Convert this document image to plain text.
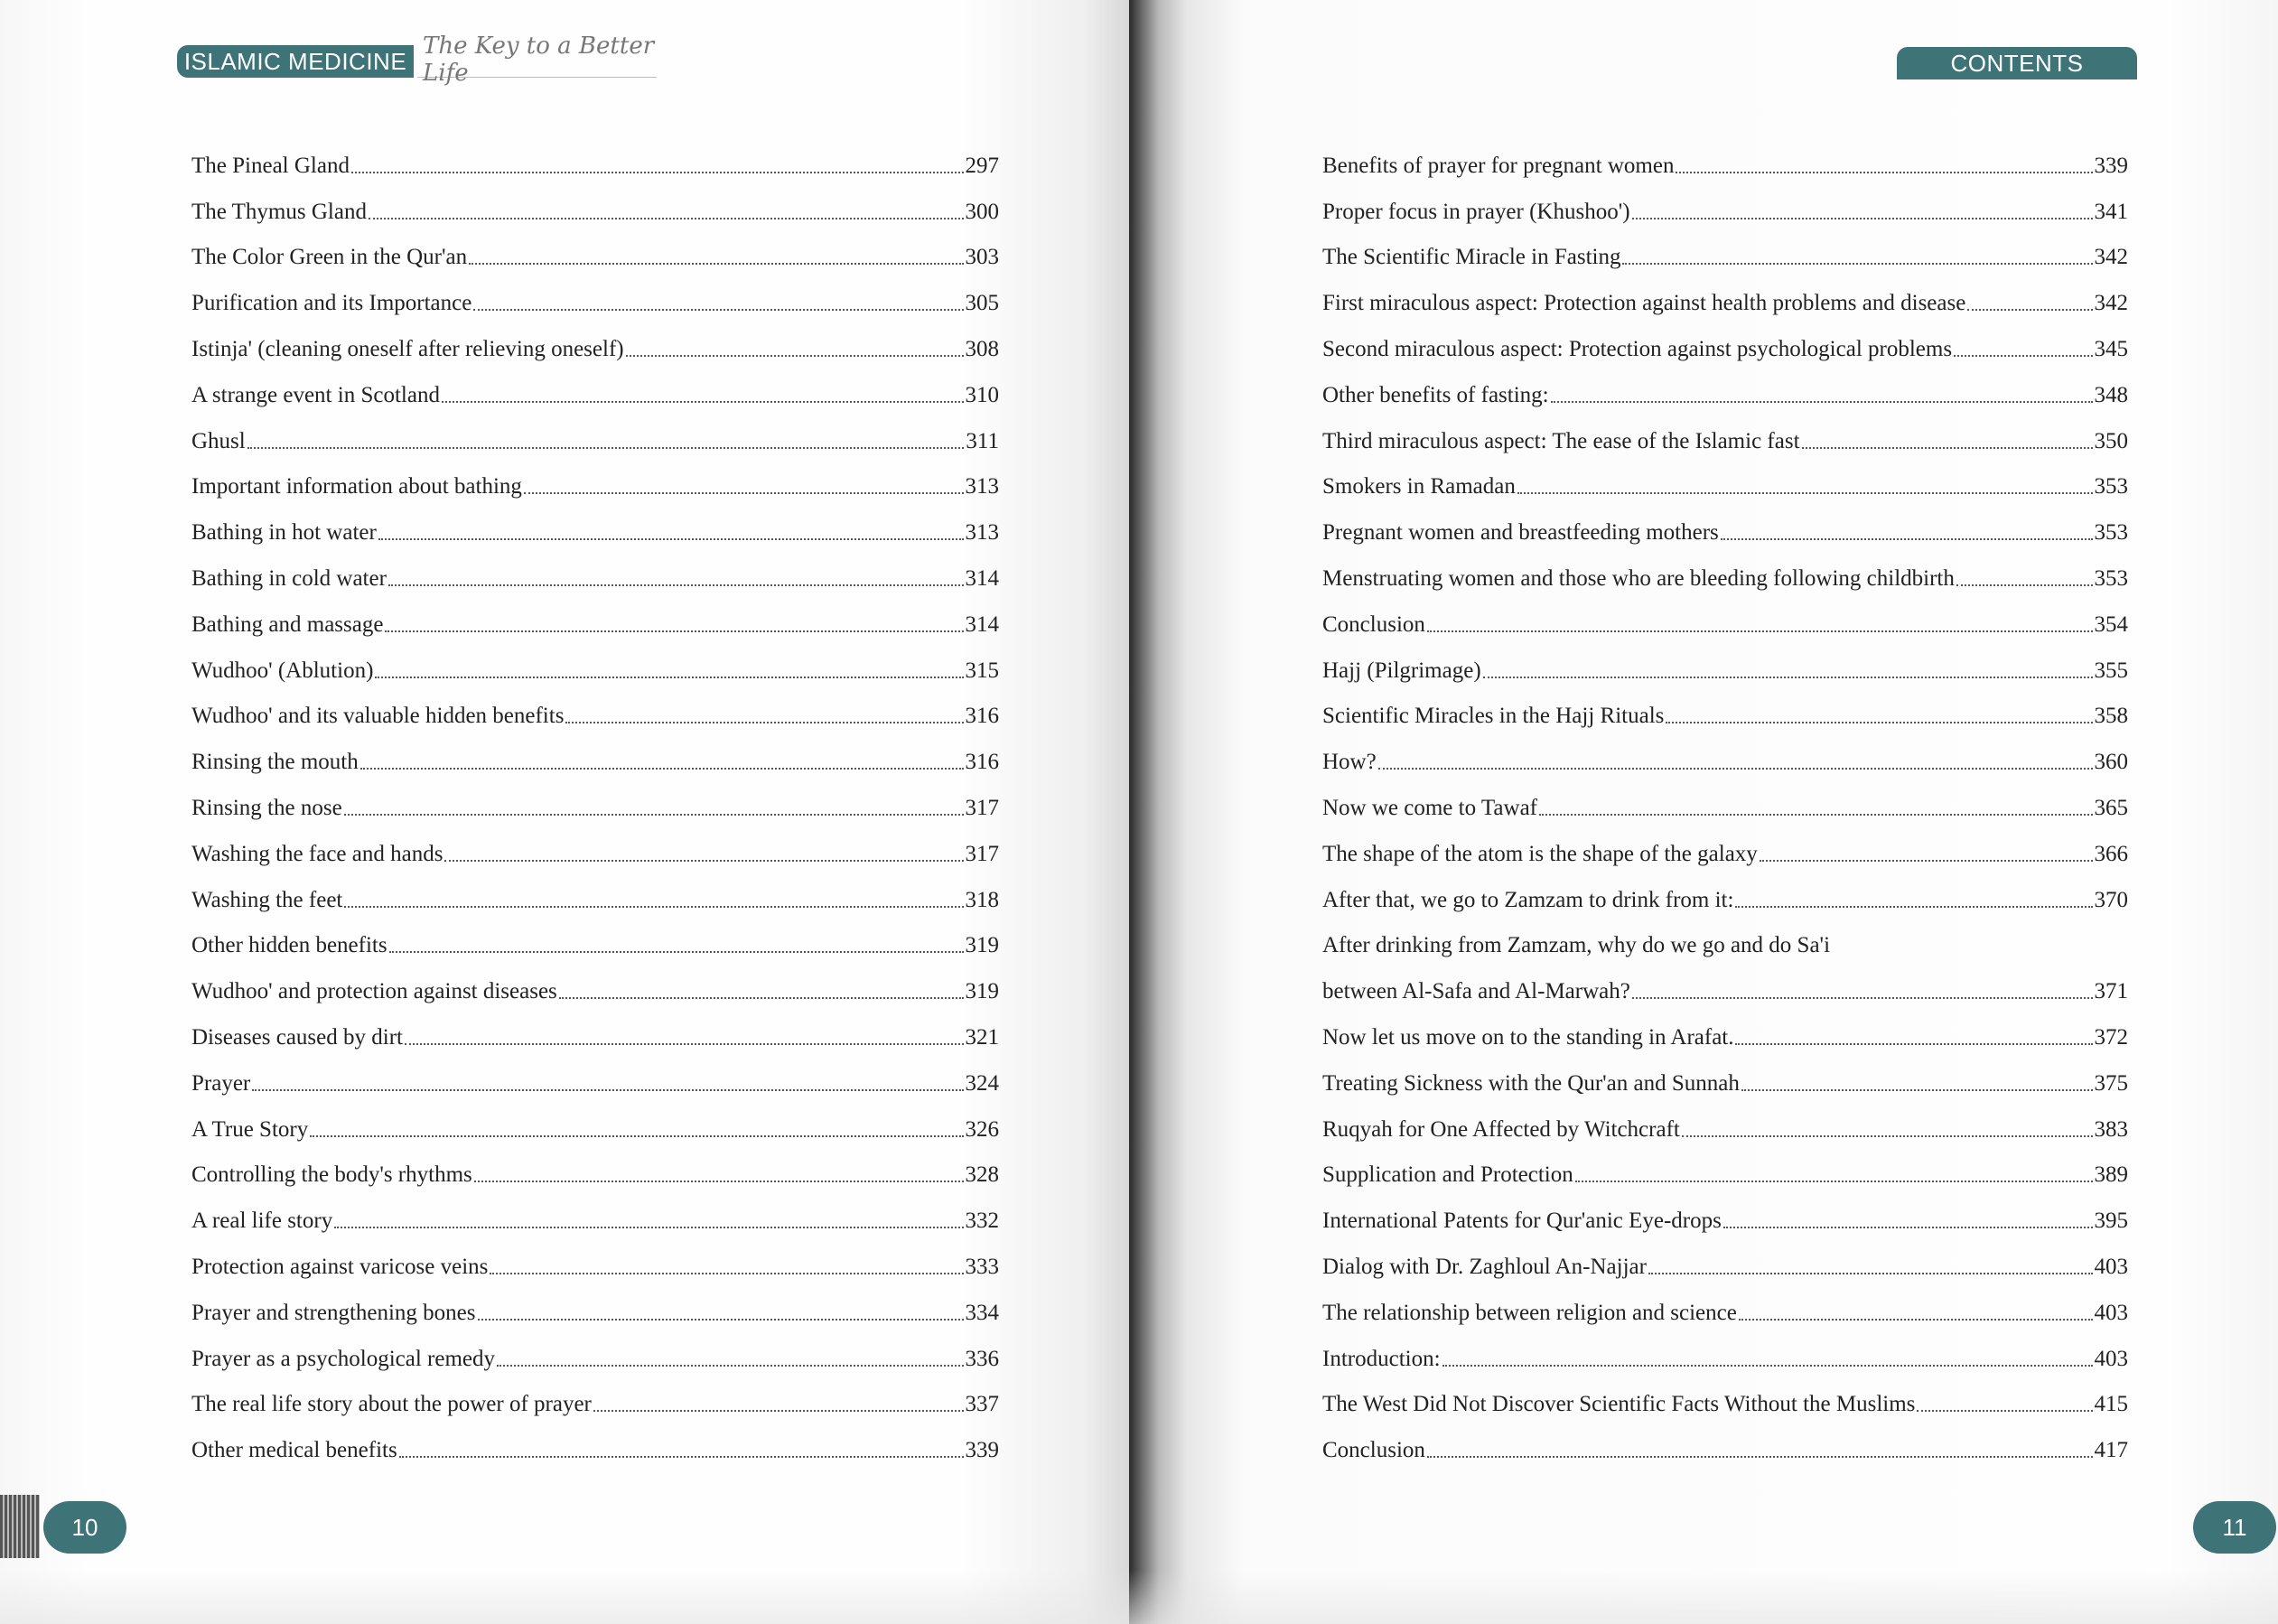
ISLAMIC MEDICINE
The Key to a Better Life
The Pineal Gland	297
The Thymus Gland	300
The Color Green in the Qur'an	303
Purification and its Importance	305
Istinja' (cleaning oneself after relieving oneself)	308
A strange event in Scotland	310
Ghusl	311
Important information about bathing	313
Bathing in hot water	313
Bathing in cold water	314
Bathing and massage	314
Wudhoo' (Ablution)	315
Wudhoo' and its valuable hidden benefits	316
Rinsing the mouth	316
Rinsing the nose	317
Washing the face and hands	317
Washing the feet	318
Other hidden benefits	319
Wudhoo' and protection against diseases	319
Diseases caused by dirt	321
Prayer	324
A True Story	326
Controlling the body's rhythms	328
A real life story	332
Protection against varicose veins	333
Prayer and strengthening bones	334
Prayer as a psychological remedy	336
The real life story about the power of prayer	337
Other medical benefits	339
10
CONTENTS
Benefits of prayer for pregnant women	339
Proper focus in prayer (Khushoo')	341
The Scientific Miracle in Fasting	342
First miraculous aspect: Protection against health problems and disease	342
Second miraculous aspect: Protection against psychological problems	345
Other benefits of fasting:	348
Third miraculous aspect: The ease of the Islamic fast	350
Smokers in Ramadan	353
Pregnant women and breastfeeding mothers	353
Menstruating women and those who are bleeding following childbirth	353
Conclusion	354
Hajj (Pilgrimage)	355
Scientific Miracles in the Hajj Rituals	358
How?	360
Now we come to Tawaf	365
The shape of the atom is the shape of the galaxy	366
After that, we go to Zamzam to drink from it:	370
After drinking from Zamzam, why do we go and do Sa'i
between Al-Safa and Al-Marwah?	371
Now let us move on to the standing in Arafat.	372
Treating Sickness with the Qur'an and Sunnah	375
Ruqyah for One Affected by Witchcraft	383
Supplication and Protection	389
International Patents for Qur'anic Eye-drops	395
Dialog with Dr. Zaghloul An-Najjar	403
The relationship between religion and science	403
Introduction:	403
The West Did Not Discover Scientific Facts Without the Muslims	415
Conclusion	417
11
